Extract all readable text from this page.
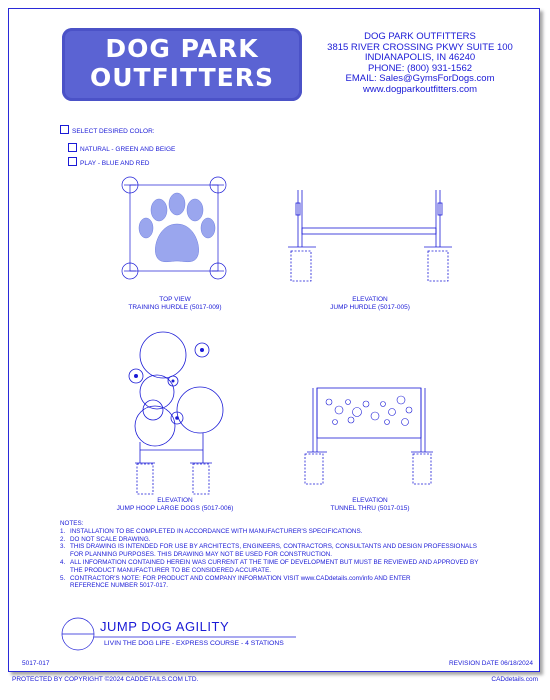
DOG PARK
OUTFITTERS
DOG PARK OUTFITTERS
3815 RIVER CROSSING PKWY SUITE 100
INDIANAPOLIS, IN 46240
PHONE: (800) 931-1562
EMAIL: Sales@GymsForDogs.com
www.dogparkoutfitters.com
SELECT DESIRED COLOR:
NATURAL - GREEN AND BEIGE
PLAY - BLUE AND RED
TOP VIEW
TRAINING HURDLE (5017-009)
ELEVATION
JUMP HURDLE (5017-005)
ELEVATION
JUMP HOOP LARGE DOGS (5017-006)
ELEVATION
TUNNEL THRU (5017-015)
NOTES:
1. INSTALLATION TO BE COMPLETED IN ACCORDANCE WITH MANUFACTURER'S SPECIFICATIONS.
2. DO NOT SCALE DRAWING.
3. THIS DRAWING IS INTENDED FOR USE BY ARCHITECTS, ENGINEERS, CONTRACTORS, CONSULTANTS AND DESIGN PROFESSIONALS
FOR PLANNING PURPOSES. THIS DRAWING MAY NOT BE USED FOR CONSTRUCTION.
4. ALL INFORMATION CONTAINED HEREIN WAS CURRENT AT THE TIME OF DEVELOPMENT BUT MUST BE REVIEWED AND APPROVED BY
THE PRODUCT MANUFACTURER TO BE CONSIDERED ACCURATE.
5. CONTRACTOR'S NOTE: FOR PRODUCT AND COMPANY INFORMATION VISIT www.CADdetails.com/info AND ENTER
REFERENCE NUMBER 5017-017.
JUMP DOG AGILITY
LIVIN THE DOG LIFE - EXPRESS COURSE - 4 STATIONS
5017-017	REVISION DATE 06/18/2024
PROTECTED BY COPYRIGHT ©2024 CADDETAILS.COM LTD.	CADdetails.com
